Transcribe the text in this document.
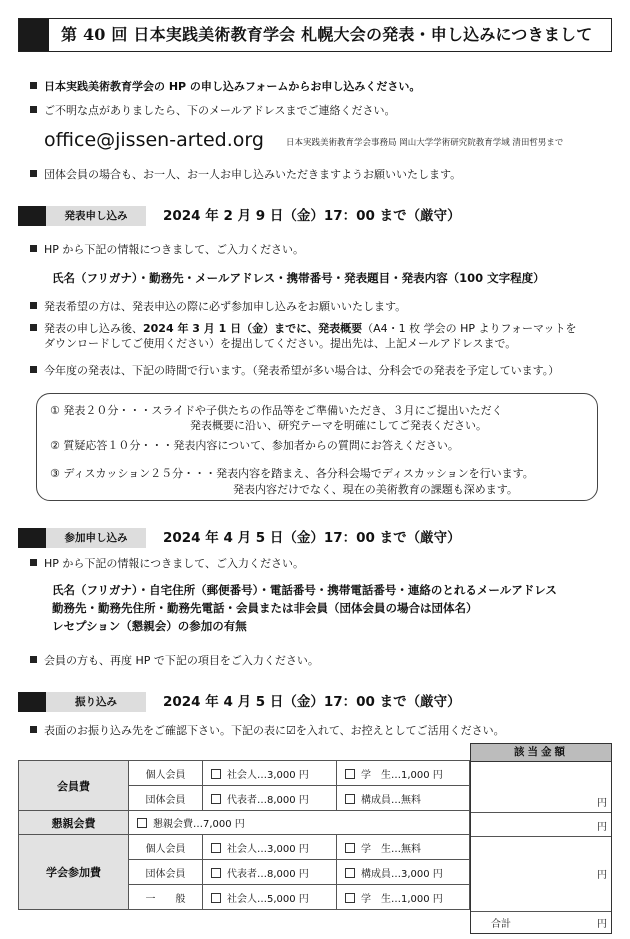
第 40 回 日本実践美術教育学会 札幌大会の発表・申し込みにつきまして
日本実践美術教育学会の HP の申し込みフォームからお申し込みください。
ご不明な点がありましたら、下のメールアドレスまでご連絡ください。
office@jissen-arted.org	日本実践美術教育学会事務局 岡山大学学術研究院教育学域 清田哲男まで
団体会員の場合も、お一人、お一人お申し込みいただきますようお願いいたします。
発表申し込み	2024 年 2 月 9 日（金）17：00 まで（厳守）
HP から下記の情報につきまして、ご入力ください。
氏名（フリガナ）・勤務先・メールアドレス・携帯番号・発表題目・発表内容（100 文字程度）
発表希望の方は、発表申込の際に必ず参加申し込みをお願いいたします。
発表の申し込み後、2024 年 3 月 1 日（金）までに、発表概要（A4・1 枚 学会の HP よりフォーマットを
ダウンロードしてご使用ください）を提出してください。提出先は、上記メールアドレスまで。
今年度の発表は、下記の時間で行います。（発表希望が多い場合は、分科会での発表を予定しています。）
① 発表２０分・・・スライドや子供たちの作品等をご準備いただき、３月にご提出いただく
発表概要に沿い、研究テーマを明確にしてご発表ください。
② 質疑応答１０分・・・発表内容について、参加者からの質問にお答えください。
③ ディスカッション２５分・・・発表内容を踏まえ、各分科会場でディスカッションを行います。
発表内容だけでなく、現在の美術教育の課題も深めます。
参加申し込み	2024 年 4 月 5 日（金）17：00 まで（厳守）
HP から下記の情報につきまして、ご入力ください。
氏名（フリガナ）・自宅住所（郵便番号）・電話番号・携帯電話番号・連絡のとれるメールアドレス
勤務先・勤務先住所・勤務先電話・会員または非会員（団体会員の場合は団体名）
レセプション（懇親会）の参加の有無
会員の方も、再度 HP で下記の項目をご入力ください。
振り込み	2024 年 4 月 5 日（金）17：00 まで（厳守）
表面のお振り込み先をご確認下さい。下記の表に☑を入れて、お控えとしてご活用ください。
会員費	個人会員	社会人…3,000 円	学　生…1,000 円
	団体会員	代表者…8,000 円	構成員…無料
懇親会費	懇親会費…7,000 円		
学会参加費	個人会員	社会人…3,000 円	学　生…無料
	団体会員	代表者…8,000 円	構成員…3,000 円
	一　　般	社会人…5,000 円	学　生…1,000 円
該当金額
円
円
円
合計	円
